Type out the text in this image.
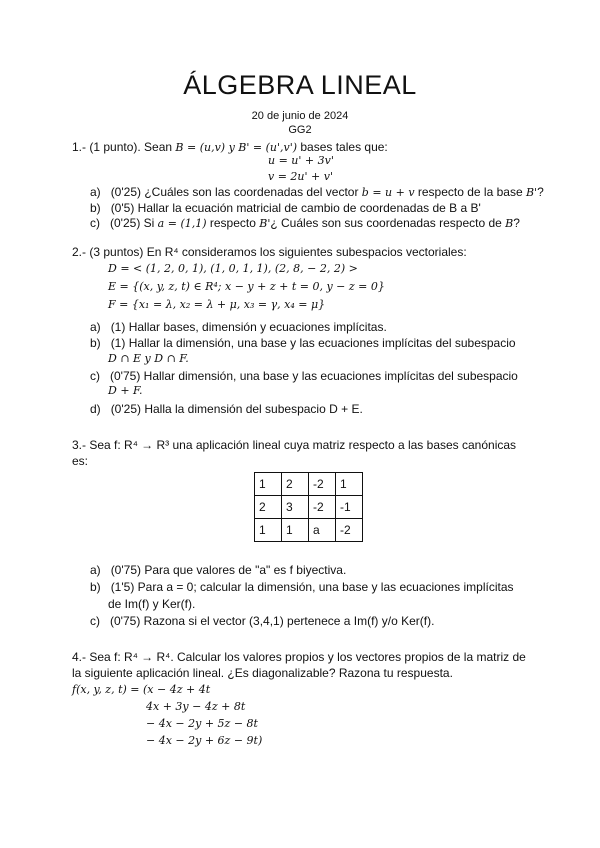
ÁLGEBRA LINEAL
20 de junio de 2024
GG2
1.- (1 punto). Sean B = (u,v) y B' = (u',v') bases tales que:
u = u' + 3v'
v = 2u' + v'
a) (0'25) ¿Cuáles son las coordenadas del vector b = u + v respecto de la base B'?
b) (0'5) Hallar la ecuación matricial de cambio de coordenadas de B a B'
c) (0'25) Si a = (1,1) respecto B'¿ Cuáles son sus coordenadas respecto de B?
2.- (3 puntos) En R⁴ consideramos los siguientes subespacios vectoriales:
D = < (1, 2, 0, 1), (1, 0, 1, 1), (2, 8, − 2, 2) >
E = {(x, y, z, t) ∈ R⁴; x − y + z + t = 0, y − z = 0}
F = {x₁ = λ, x₂ = λ + μ, x₃ = γ, x₄ = μ}
a) (1) Hallar bases, dimensión y ecuaciones implícitas.
b) (1) Hallar la dimensión, una base y las ecuaciones implícitas del subespacio
D ∩ E y D ∩ F.
c) (0'75) Hallar dimensión, una base y las ecuaciones implícitas del subespacio
D + F.
d) (0'25) Halla la dimensión del subespacio D + E.
3.- Sea f: R⁴ → R³ una aplicación lineal cuya matriz respecto a las bases canónicas
es:
1	2	-2	1
2	3	-2	-1
1	1	a	-2
a) (0'75) Para que valores de "a" es f biyectiva.
b) (1'5) Para a = 0; calcular la dimensión, una base y las ecuaciones implícitas
de Im(f) y Ker(f).
c) (0'75) Razona si el vector (3,4,1) pertenece a Im(f) y/o Ker(f).
4.- Sea f: R⁴ → R⁴. Calcular los valores propios y los vectores propios de la matriz de
la siguiente aplicación lineal. ¿Es diagonalizable? Razona tu respuesta.
f(x, y, z, t) = (x − 4z + 4t
4x + 3y − 4z + 8t
− 4x − 2y + 5z − 8t
− 4x − 2y + 6z − 9t)
